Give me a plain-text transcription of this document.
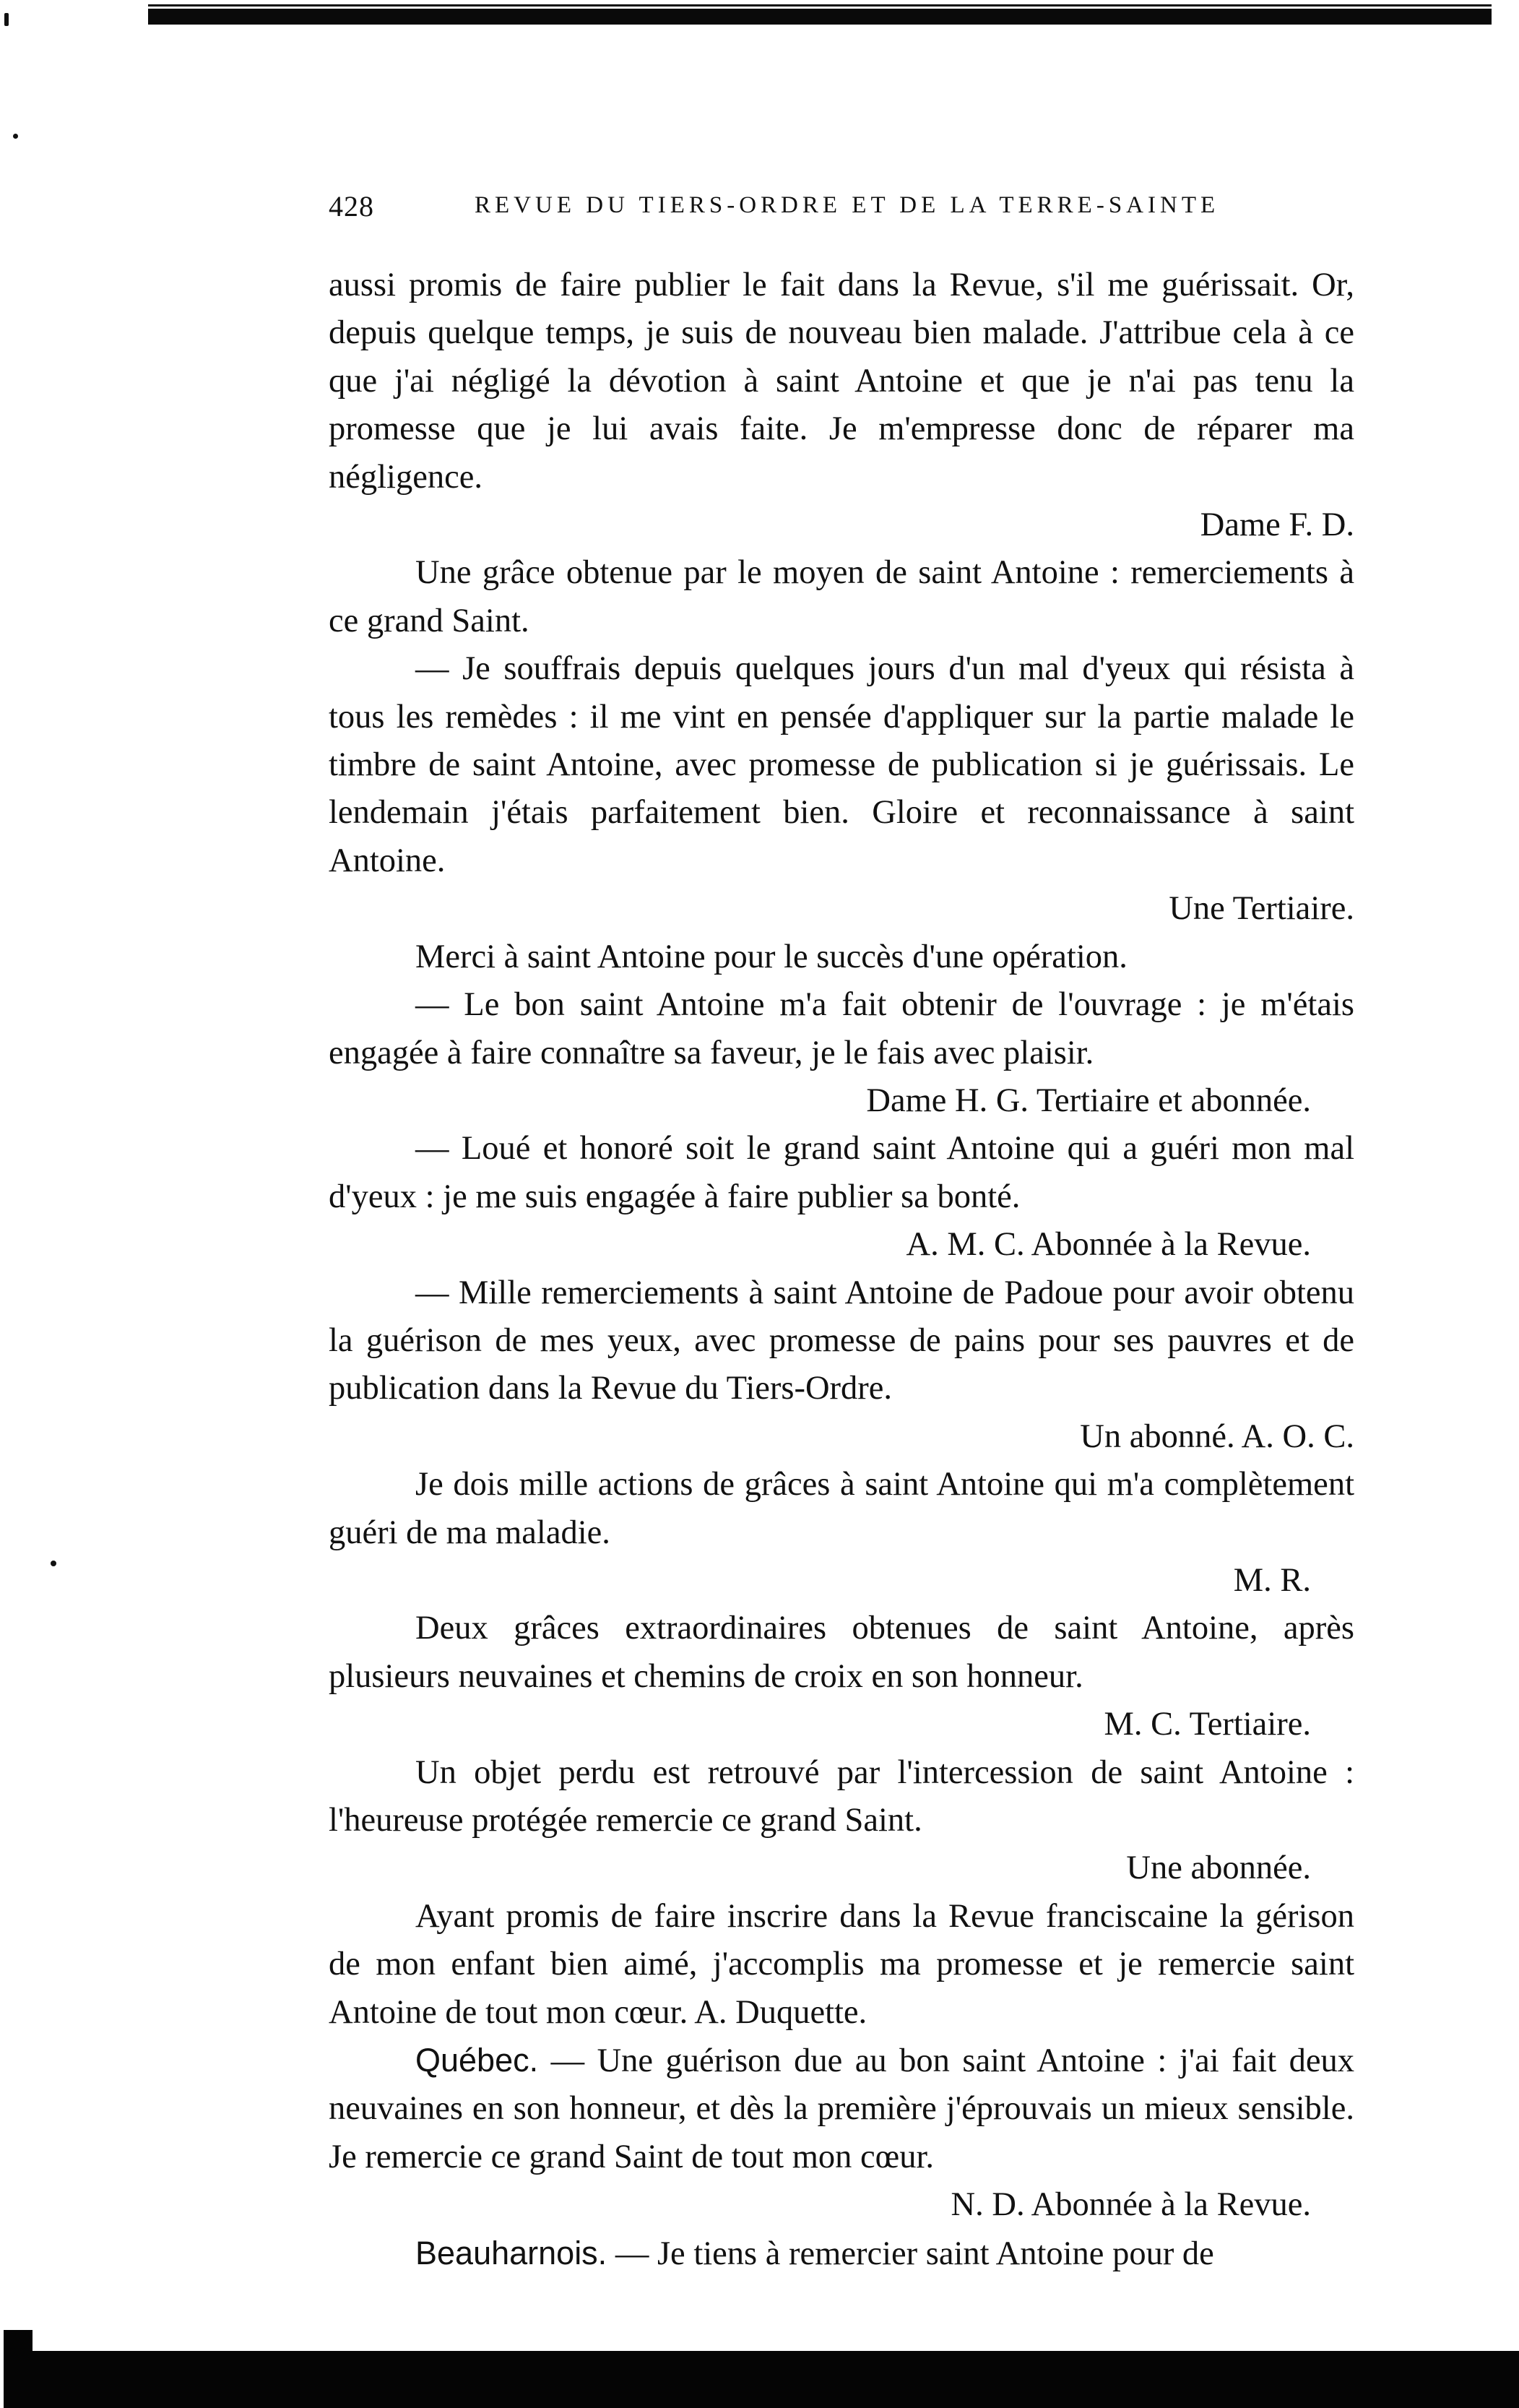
428	REVUE DU TIERS-ORDRE ET DE LA TERRE-SAINTE

aussi promis de faire publier le fait dans la Revue, s'il me guérissait. Or, depuis quelque temps, je suis de nouveau bien malade. J'attribue cela à ce que j'ai négligé la dévotion à saint Antoine et que je n'ai pas tenu la promesse que je lui avais faite. Je m'empresse donc de réparer ma négligence.
Dame F. D.

Une grâce obtenue par le moyen de saint Antoine : remerciements à ce grand Saint.

— Je souffrais depuis quelques jours d'un mal d'yeux qui résista à tous les remèdes : il me vint en pensée d'appliquer sur la partie malade le timbre de saint Antoine, avec promesse de publication si je guérissais. Le lendemain j'étais parfaitement bien. Gloire et reconnaissance à saint Antoine.
Une Tertiaire.

Merci à saint Antoine pour le succès d'une opération.

— Le bon saint Antoine m'a fait obtenir de l'ouvrage : je m'étais engagée à faire connaître sa faveur, je le fais avec plaisir.
Dame H. G. Tertiaire et abonnée.

— Loué et honoré soit le grand saint Antoine qui a guéri mon mal d'yeux : je me suis engagée à faire publier sa bonté.
A. M. C. Abonnée à la Revue.

— Mille remerciements à saint Antoine de Padoue pour avoir obtenu la guérison de mes yeux, avec promesse de pains pour ses pauvres et de publication dans la Revue du Tiers-Ordre.
Un abonné. A. O. C.

Je dois mille actions de grâces à saint Antoine qui m'a complètement guéri de ma maladie.
M. R.

Deux grâces extraordinaires obtenues de saint Antoine, après plusieurs neuvaines et chemins de croix en son honneur.
M. C. Tertiaire.

Un objet perdu est retrouvé par l'intercession de saint Antoine : l'heureuse protégée remercie ce grand Saint.
Une abonnée.

Ayant promis de faire inscrire dans la Revue franciscaine la gérison de mon enfant bien aimé, j'accomplis ma promesse et je remercie saint Antoine de tout mon cœur. A. Duquette.

Québec. — Une guérison due au bon saint Antoine : j'ai fait deux neuvaines en son honneur, et dès la première j'éprouvais un mieux sensible. Je remercie ce grand Saint de tout mon cœur.
N. D. Abonnée à la Revue.

Beauharnois. — Je tiens à remercier saint Antoine pour de
